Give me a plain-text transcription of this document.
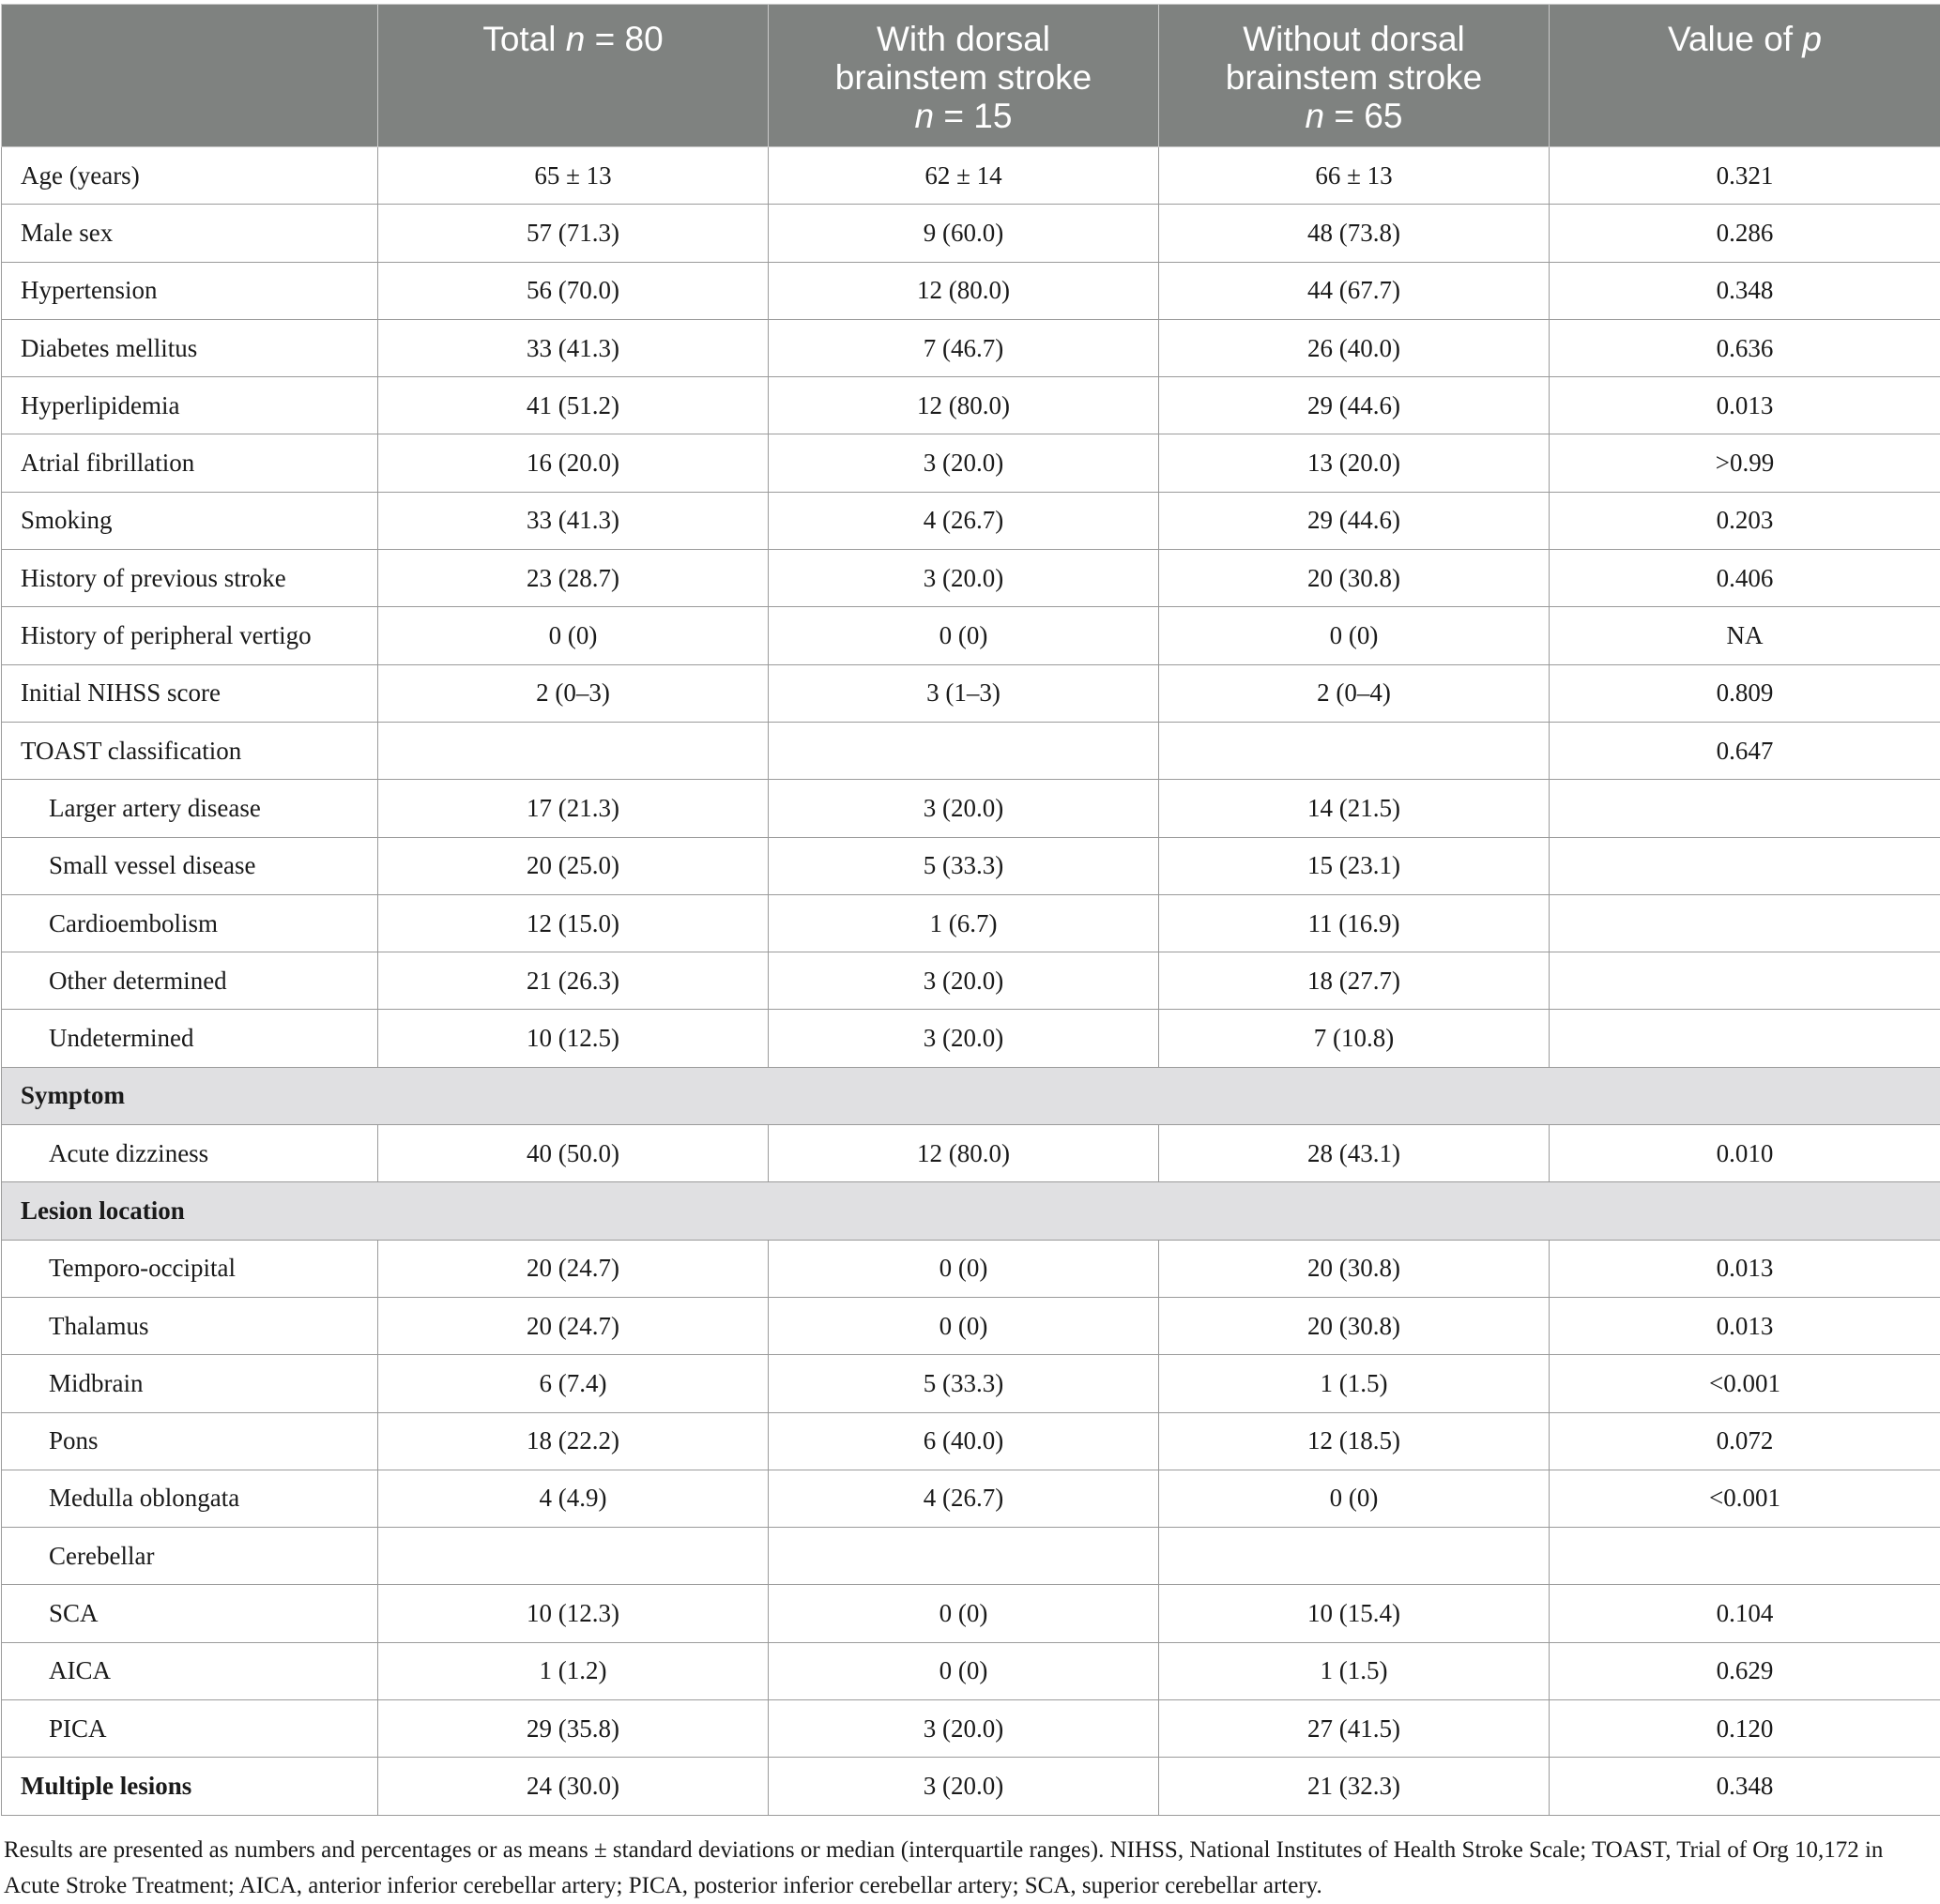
	Total n = 80	With dorsal
brainstem stroke
n = 15	Without dorsal
brainstem stroke
n = 65	Value of p
Age (years)	65 ± 13	62 ± 14	66 ± 13	0.321
Male sex	57 (71.3)	9 (60.0)	48 (73.8)	0.286
Hypertension	56 (70.0)	12 (80.0)	44 (67.7)	0.348
Diabetes mellitus	33 (41.3)	7 (46.7)	26 (40.0)	0.636
Hyperlipidemia	41 (51.2)	12 (80.0)	29 (44.6)	0.013
Atrial fibrillation	16 (20.0)	3 (20.0)	13 (20.0)	>0.99
Smoking	33 (41.3)	4 (26.7)	29 (44.6)	0.203
History of previous stroke	23 (28.7)	3 (20.0)	20 (30.8)	0.406
History of peripheral vertigo	0 (0)	0 (0)	0 (0)	NA
Initial NIHSS score	2 (0–3)	3 (1–3)	2 (0–4)	0.809
TOAST classification				0.647
Larger artery disease	17 (21.3)	3 (20.0)	14 (21.5)	
Small vessel disease	20 (25.0)	5 (33.3)	15 (23.1)	
Cardioembolism	12 (15.0)	1 (6.7)	11 (16.9)	
Other determined	21 (26.3)	3 (20.0)	18 (27.7)	
Undetermined	10 (12.5)	3 (20.0)	7 (10.8)	
Symptom				
Acute dizziness	40 (50.0)	12 (80.0)	28 (43.1)	0.010
Lesion location				
Temporo-occipital	20 (24.7)	0 (0)	20 (30.8)	0.013
Thalamus	20 (24.7)	0 (0)	20 (30.8)	0.013
Midbrain	6 (7.4)	5 (33.3)	1 (1.5)	<0.001
Pons	18 (22.2)	6 (40.0)	12 (18.5)	0.072
Medulla oblongata	4 (4.9)	4 (26.7)	0 (0)	<0.001
Cerebellar				
SCA	10 (12.3)	0 (0)	10 (15.4)	0.104
AICA	1 (1.2)	0 (0)	1 (1.5)	0.629
PICA	29 (35.8)	3 (20.0)	27 (41.5)	0.120
Multiple lesions	24 (30.0)	3 (20.0)	21 (32.3)	0.348
Results are presented as numbers and percentages or as means ± standard deviations or median (interquartile ranges). NIHSS, National Institutes of Health Stroke Scale; TOAST, Trial of Org 10,172 in Acute Stroke Treatment; AICA, anterior inferior cerebellar artery; PICA, posterior inferior cerebellar artery; SCA, superior cerebellar artery.
